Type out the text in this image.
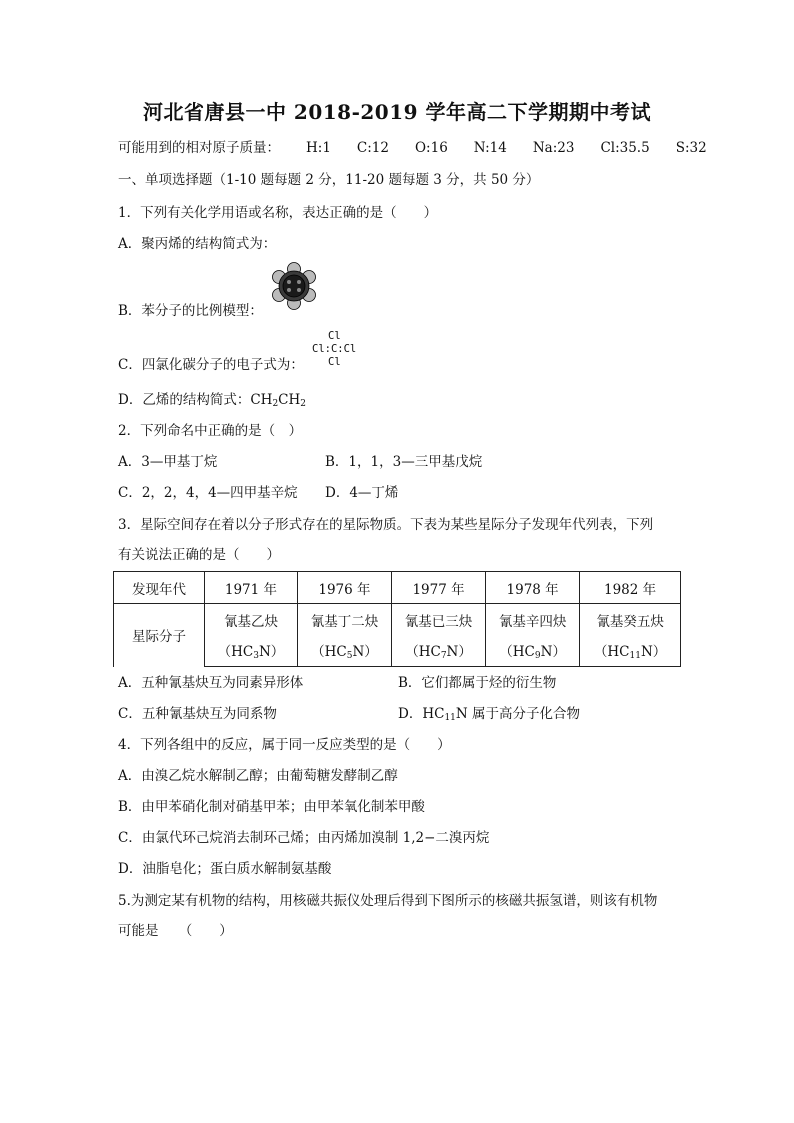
河北省唐县一中 2018-2019 学年高二下学期期中考试
可能用到的相对原子质量： H:1 C:12 O:16 N:14 Na:23 Cl:35.5 S:32
一、单项选择题（1-10 题每题 2 分，11-20 题每题 3 分，共 50 分）
1．下列有关化学用语或名称，表达正确的是（　　）
A．聚丙烯的结构简式为：
B．苯分子的比例模型：
Cl
Cl:C:Cl
Cl
C．四氯化碳分子的电子式为：
D．乙烯的结构简式：$CH_2CH_2$
2．下列命名中正确的是（　）
A．3—甲基丁烷	B．1，1，3—三甲基戊烷
C．2，2，4，4—四甲基辛烷 D．4—丁烯
3．星际空间存在着以分子形式存在的星际物质。下表为某些星际分子发现年代列表，下列
有关说法正确的是（　　）
发现年代	1971 年	1976 年	1977 年	1978 年	1982 年
星际分子	氰基乙炔	氰基丁二炔	氰基已三炔	氰基辛四炔	氰基癸五炔
	$(HC_3N)$	$(HC_5N)$	$(HC_7N)$	$(HC_9N)$	$(HC_{11}N)$
A．五种氰基炔互为同素异形体	B．它们都属于烃的衍生物
C．五种氰基炔互为同系物	D．$HC_{11}N$ 属于高分子化合物
4．下列各组中的反应，属于同一反应类型的是（　　）
A．由溴乙烷水解制乙醇；由葡萄糖发酵制乙醇
B．由甲苯硝化制对硝基甲苯；由甲苯氧化制苯甲酸
C．由氯代环己烷消去制环己烯；由丙烯加溴制 1,2−二溴丙烷
D．油脂皂化；蛋白质水解制氨基酸
5.为测定某有机物的结构，用核磁共振仪处理后得到下图所示的核磁共振氢谱，则该有机物
可能是　　（　　）
